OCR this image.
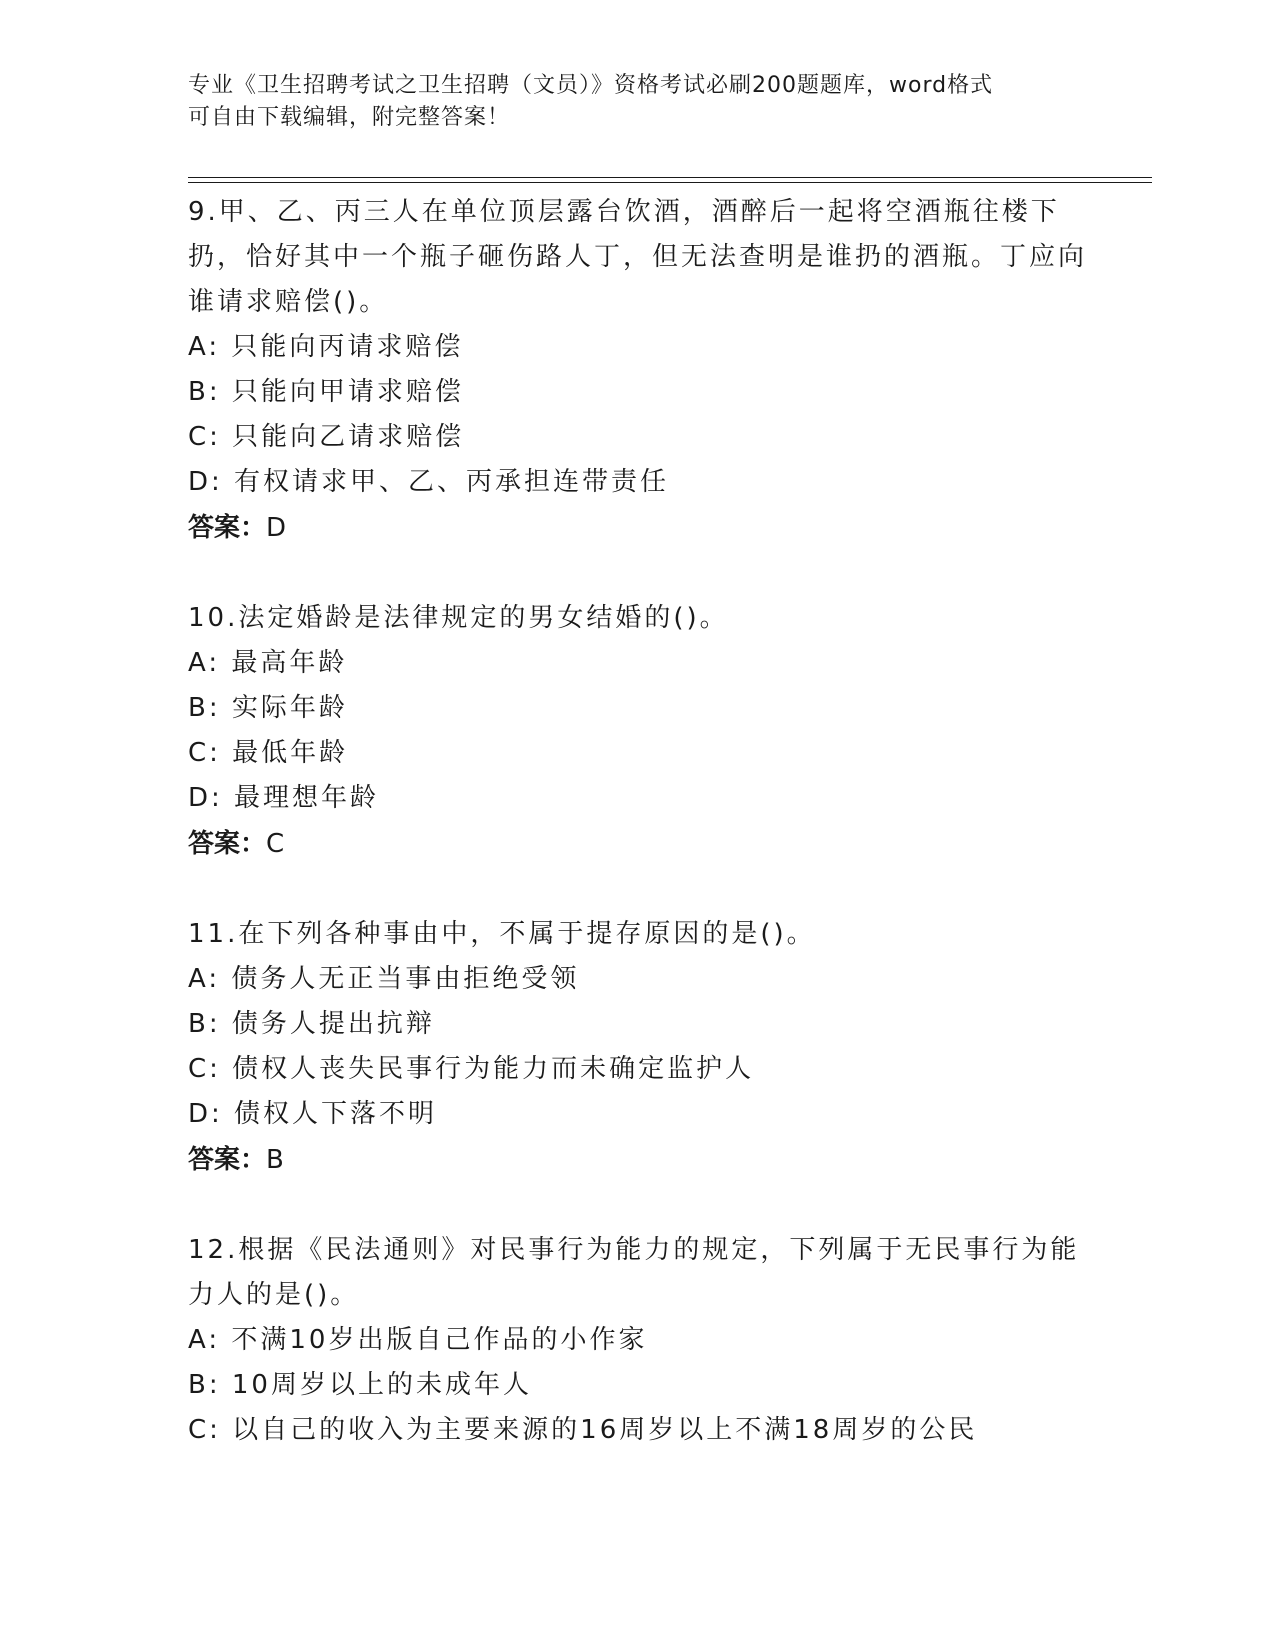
专业《卫生招聘考试之卫生招聘（文员）》资格考试必刷200题题库，word格式
可自由下载编辑，附完整答案！

9.甲、乙、丙三人在单位顶层露台饮酒，酒醉后一起将空酒瓶往楼下扔，恰好其中一个瓶子砸伤路人丁，但无法查明是谁扔的酒瓶。丁应向谁请求赔偿()。

A: 只能向丙请求赔偿

B: 只能向甲请求赔偿

C: 只能向乙请求赔偿

D: 有权请求甲、乙、丙承担连带责任

答案：D

10.法定婚龄是法律规定的男女结婚的()。

A: 最高年龄

B: 实际年龄

C: 最低年龄

D: 最理想年龄

答案：C

11.在下列各种事由中，不属于提存原因的是()。

A: 债务人无正当事由拒绝受领

B: 债务人提出抗辩

C: 债权人丧失民事行为能力而未确定监护人

D: 债权人下落不明

答案：B

12.根据《民法通则》对民事行为能力的规定，下列属于无民事行为能力人的是()。

A: 不满10岁出版自己作品的小作家

B: 10周岁以上的未成年人

C: 以自己的收入为主要来源的16周岁以上不满18周岁的公民
